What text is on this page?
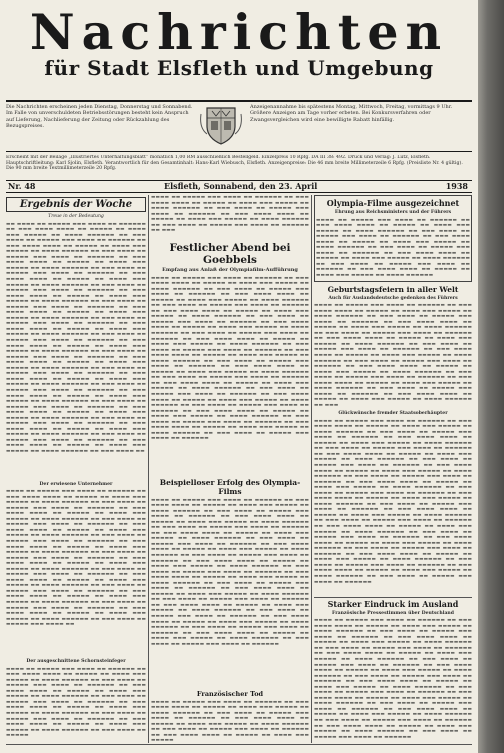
Nachrichten
für Stadt Elsfleth und Umgebung
Die Nachrichten erscheinen jeden Dienstag, Donnerstag und Sonnabend. Im Falle von unverschuldeten Betriebsstörungen besteht kein Anspruch auf Lieferung, Nachlieferung der Zeitung oder Rückzahlung des Bezugspreises.
Anzeigenannahme bis spätestens Montag, Mittwoch, Freitag, vormittags 9 Uhr. Größere Anzeigen am Tage vorher erbeten. Bei Konkursverfahren oder Zwangsvergleichen wird eine bewilligte Rabatt hinfällig.
Erscheint mit der Beilage „Illustriertes Unterhaltungsblatt“ monatlich 1,00 RM ausschließlich Bestellgeld. Einzelpreis 10 Rpfg. DA III 38: 492. Druck und Verlag: J. Lütz, Elsfleth. Hauptschriftleitung: Karl Sjolin, Elsfleth. Verantwortlich für den Gesamtinhalt: Hans-Karl Wiebusch, Elsfleth. Anzeigenpreise: Die 46 mm breite Millimeterzeile 6 Rpfg. (Preisliste Nr. 4 gültig). Die 90 mm breite Textmillimeterzeile 20 Rpfg.
Nr. 48	Elsfleth, Sonnabend, den 23. April	1938
Ergebnis der Woche
Treue in der Bedeutung
▬▬ ▬▬▬▬ ▬▬ ▬▬▬▬▬ ▬▬▬ ▬▬▬▬ ▬▬ ▬▬▬▬▬▬ ▬▬ ▬▬▬ ▬▬▬▬ ▬▬▬▬ ▬▬ ▬▬▬▬▬ ▬▬ ▬▬▬▬ ▬▬▬ ▬▬▬▬▬ ▬▬ ▬▬▬▬ ▬▬▬▬▬▬ ▬▬ ▬▬▬ ▬▬▬▬ ▬▬ ▬▬▬▬▬ ▬▬▬ ▬▬▬▬ ▬▬ ▬▬▬▬▬▬ ▬▬ ▬▬▬ ▬▬▬▬ ▬▬▬▬ ▬▬ ▬▬▬▬▬ ▬▬ ▬▬▬▬ ▬▬▬ ▬▬▬▬▬ ▬▬ ▬▬▬▬ ▬▬▬▬▬▬ ▬▬ ▬▬▬ ▬▬▬▬ ▬▬ ▬▬▬▬▬ ▬▬▬ ▬▬▬▬ ▬▬ ▬▬▬▬▬▬ ▬▬ ▬▬▬ ▬▬▬▬ ▬▬▬▬ ▬▬ ▬▬▬▬▬ ▬▬ ▬▬▬▬ ▬▬▬ ▬▬▬▬▬ ▬▬ ▬▬▬▬ ▬▬▬▬▬▬ ▬▬ ▬▬▬ ▬▬▬▬ ▬▬ ▬▬▬▬▬ ▬▬▬ ▬▬▬▬ ▬▬ ▬▬▬▬▬▬ ▬▬ ▬▬▬ ▬▬▬▬ ▬▬▬▬ ▬▬ ▬▬▬▬▬ ▬▬ ▬▬▬▬ ▬▬▬ ▬▬▬▬▬ ▬▬ ▬▬▬▬ ▬▬▬▬▬▬ ▬▬ ▬▬▬ ▬▬▬▬ ▬▬ ▬▬▬▬▬ ▬▬▬ ▬▬▬▬ ▬▬ ▬▬▬▬▬▬ ▬▬ ▬▬▬ ▬▬▬▬ ▬▬▬▬ ▬▬ ▬▬▬▬▬ ▬▬ ▬▬▬▬ ▬▬▬ ▬▬▬▬▬ ▬▬ ▬▬▬▬ ▬▬▬▬▬▬ ▬▬ ▬▬▬ ▬▬▬▬ ▬▬ ▬▬▬▬▬ ▬▬▬ ▬▬▬▬ ▬▬ ▬▬▬▬▬▬ ▬▬ ▬▬▬ ▬▬▬▬ ▬▬▬▬ ▬▬ ▬▬▬▬▬ ▬▬ ▬▬▬▬ ▬▬▬ ▬▬▬▬▬ ▬▬ ▬▬▬▬ ▬▬▬▬▬▬ ▬▬ ▬▬▬ ▬▬▬▬ ▬▬ ▬▬▬▬▬ ▬▬▬ ▬▬▬▬ ▬▬ ▬▬▬▬▬▬ ▬▬ ▬▬▬ ▬▬▬▬ ▬▬▬▬ ▬▬ ▬▬▬▬▬ ▬▬ ▬▬▬▬ ▬▬▬ ▬▬▬▬▬ ▬▬ ▬▬▬▬ ▬▬▬▬▬▬ ▬▬ ▬▬▬ ▬▬▬▬ ▬▬ ▬▬▬▬▬ ▬▬▬ ▬▬▬▬ ▬▬ ▬▬▬▬▬▬ ▬▬ ▬▬▬ ▬▬▬▬ ▬▬▬▬ ▬▬ ▬▬▬▬▬ ▬▬ ▬▬▬▬ ▬▬▬ ▬▬▬▬▬ ▬▬ ▬▬▬▬ ▬▬▬▬▬▬ ▬▬ ▬▬▬ ▬▬▬▬ ▬▬ ▬▬▬▬▬ ▬▬▬ ▬▬▬▬ ▬▬ ▬▬▬▬▬▬ ▬▬ ▬▬▬ ▬▬▬▬ ▬▬▬▬ ▬▬ ▬▬▬▬▬ ▬▬ ▬▬▬▬ ▬▬▬ ▬▬▬▬▬ ▬▬ ▬▬▬▬ ▬▬▬▬▬▬ ▬▬ ▬▬▬ ▬▬▬▬ ▬▬ ▬▬▬▬▬ ▬▬▬ ▬▬▬▬ ▬▬ ▬▬▬▬▬▬ ▬▬ ▬▬▬ ▬▬▬▬ ▬▬▬▬ ▬▬ ▬▬▬▬▬ ▬▬ ▬▬▬▬ ▬▬▬ ▬▬▬▬▬ ▬▬ ▬▬▬▬ ▬▬▬▬▬▬ ▬▬ ▬▬▬ ▬▬▬▬ ▬▬ ▬▬▬▬▬ ▬▬▬ ▬▬▬▬ ▬▬ ▬▬▬▬▬▬ ▬▬ ▬▬▬ ▬▬▬▬ ▬▬▬▬ ▬▬ ▬▬▬▬▬ ▬▬ ▬▬▬▬ ▬▬▬ ▬▬▬▬▬ ▬▬ ▬▬▬▬ ▬▬▬▬▬▬ ▬▬ ▬▬▬ ▬▬▬▬ ▬▬ ▬▬▬▬▬ ▬▬▬ ▬▬▬▬ ▬▬ ▬▬▬▬▬▬ ▬▬ ▬▬▬ ▬▬▬▬ ▬▬▬▬ ▬▬ ▬▬▬▬▬ ▬▬ ▬▬▬▬ ▬▬▬ ▬▬▬▬▬ ▬▬ ▬▬▬▬ ▬▬▬▬▬▬ ▬▬ ▬▬▬ ▬▬▬▬ ▬▬ ▬▬▬▬▬ ▬▬▬ ▬▬▬▬ ▬▬ ▬▬▬▬▬▬ ▬▬ ▬▬▬ ▬▬▬▬ ▬▬▬▬ ▬▬ ▬▬▬▬▬ ▬▬ ▬▬▬▬ ▬▬▬ ▬▬▬▬▬ ▬▬ ▬▬▬▬ ▬▬▬▬▬▬ ▬▬ ▬▬▬ ▬▬▬▬ ▬▬ ▬▬▬▬▬ ▬▬▬ ▬▬▬▬ ▬▬ ▬▬▬▬▬▬ ▬▬ ▬▬▬ ▬▬▬▬ ▬▬▬▬ ▬▬ ▬▬▬▬▬ ▬▬ ▬▬▬▬ ▬▬▬ ▬▬▬▬▬ ▬▬ ▬▬▬▬ ▬▬▬▬▬▬ ▬▬ ▬▬▬ ▬▬▬▬ ▬▬
Der erwiesene Unternehmer
▬▬▬▬ ▬▬ ▬▬▬▬▬ ▬▬▬ ▬▬▬▬ ▬▬ ▬▬▬▬▬▬ ▬▬ ▬▬▬ ▬▬▬▬ ▬▬▬▬ ▬▬ ▬▬▬▬▬ ▬▬ ▬▬▬▬ ▬▬▬ ▬▬▬▬▬ ▬▬ ▬▬▬▬ ▬▬▬▬▬▬ ▬▬ ▬▬▬ ▬▬▬▬ ▬▬ ▬▬▬▬▬ ▬▬▬ ▬▬▬▬ ▬▬ ▬▬▬▬▬▬ ▬▬ ▬▬▬ ▬▬▬▬ ▬▬▬▬ ▬▬ ▬▬▬▬▬ ▬▬ ▬▬▬▬ ▬▬▬ ▬▬▬▬▬ ▬▬ ▬▬▬▬ ▬▬▬▬▬▬ ▬▬ ▬▬▬ ▬▬▬▬ ▬▬ ▬▬▬▬▬ ▬▬▬ ▬▬▬▬ ▬▬ ▬▬▬▬▬▬ ▬▬ ▬▬▬ ▬▬▬▬ ▬▬▬▬ ▬▬ ▬▬▬▬▬ ▬▬ ▬▬▬▬ ▬▬▬ ▬▬▬▬▬ ▬▬ ▬▬▬▬ ▬▬▬▬▬▬ ▬▬ ▬▬▬ ▬▬▬▬ ▬▬ ▬▬▬▬▬ ▬▬▬ ▬▬▬▬ ▬▬ ▬▬▬▬▬▬ ▬▬ ▬▬▬ ▬▬▬▬ ▬▬▬▬ ▬▬ ▬▬▬▬▬ ▬▬ ▬▬▬▬ ▬▬▬ ▬▬▬▬▬ ▬▬ ▬▬▬▬ ▬▬▬▬▬▬ ▬▬ ▬▬▬ ▬▬▬▬ ▬▬ ▬▬▬▬▬ ▬▬▬ ▬▬▬▬ ▬▬ ▬▬▬▬▬▬ ▬▬ ▬▬▬ ▬▬▬▬ ▬▬▬▬ ▬▬ ▬▬▬▬▬ ▬▬ ▬▬▬▬ ▬▬▬ ▬▬▬▬▬ ▬▬ ▬▬▬▬ ▬▬▬▬▬▬ ▬▬ ▬▬▬ ▬▬▬▬ ▬▬ ▬▬▬▬▬ ▬▬▬ ▬▬▬▬ ▬▬ ▬▬▬▬▬▬ ▬▬ ▬▬▬ ▬▬▬▬ ▬▬▬▬ ▬▬ ▬▬▬▬▬ ▬▬ ▬▬▬▬ ▬▬▬ ▬▬▬▬▬ ▬▬ ▬▬▬▬ ▬▬▬▬▬▬ ▬▬ ▬▬▬ ▬▬▬▬ ▬▬ ▬▬▬▬▬ ▬▬▬ ▬▬▬▬ ▬▬ ▬▬▬▬▬▬ ▬▬ ▬▬▬ ▬▬▬▬ ▬▬▬▬ ▬▬ ▬▬▬▬▬ ▬▬ ▬▬▬▬ ▬▬▬ ▬▬▬▬▬ ▬▬ ▬▬▬▬ ▬▬▬▬▬▬ ▬▬ ▬▬▬ ▬▬▬▬ ▬▬ ▬▬▬▬▬ ▬▬▬ ▬▬▬▬ ▬▬ ▬▬▬▬▬▬ ▬▬ ▬▬▬ ▬▬▬▬ ▬▬▬▬ ▬▬ ▬▬▬▬▬ ▬▬ ▬▬▬▬ ▬▬▬ ▬▬▬▬▬ ▬▬ ▬▬▬▬ ▬▬▬▬▬▬ ▬▬ ▬▬▬ ▬▬▬▬ ▬▬ ▬▬▬▬▬ ▬▬▬ ▬▬▬▬ ▬▬
Der ausgeschnittene Schornsteinfeger
▬▬▬▬ ▬▬ ▬▬▬▬▬ ▬▬▬ ▬▬▬▬ ▬▬ ▬▬▬▬▬▬ ▬▬ ▬▬▬ ▬▬▬▬ ▬▬▬▬ ▬▬ ▬▬▬▬▬ ▬▬ ▬▬▬▬ ▬▬▬ ▬▬▬▬▬ ▬▬ ▬▬▬▬ ▬▬▬▬▬▬ ▬▬ ▬▬▬ ▬▬▬▬ ▬▬ ▬▬▬▬▬ ▬▬▬ ▬▬▬▬ ▬▬ ▬▬▬▬▬▬ ▬▬ ▬▬▬ ▬▬▬▬ ▬▬▬▬ ▬▬ ▬▬▬▬▬ ▬▬ ▬▬▬▬ ▬▬▬ ▬▬▬▬▬ ▬▬ ▬▬▬▬ ▬▬▬▬▬▬ ▬▬ ▬▬▬ ▬▬▬▬ ▬▬ ▬▬▬▬▬ ▬▬▬ ▬▬▬▬ ▬▬ ▬▬▬▬▬▬ ▬▬ ▬▬▬ ▬▬▬▬ ▬▬▬▬ ▬▬ ▬▬▬▬▬ ▬▬ ▬▬▬▬ ▬▬▬ ▬▬▬▬▬ ▬▬ ▬▬▬▬ ▬▬▬▬▬▬ ▬▬ ▬▬▬ ▬▬▬▬ ▬▬ ▬▬▬▬▬ ▬▬▬ ▬▬▬▬ ▬▬ ▬▬▬▬▬▬ ▬▬ ▬▬▬ ▬▬▬▬ ▬▬▬▬ ▬▬ ▬▬▬▬▬ ▬▬ ▬▬▬▬ ▬▬▬ ▬▬▬▬▬ ▬▬ ▬▬▬▬ ▬▬▬▬▬▬ ▬▬ ▬▬▬ ▬▬▬▬ ▬▬ ▬▬▬▬▬
▬▬▬▬ ▬▬ ▬▬▬▬▬ ▬▬▬ ▬▬▬▬ ▬▬ ▬▬▬▬▬▬ ▬▬ ▬▬▬ ▬▬▬▬ ▬▬▬▬ ▬▬ ▬▬▬▬▬ ▬▬ ▬▬▬▬ ▬▬▬ ▬▬▬▬▬ ▬▬ ▬▬▬▬ ▬▬▬▬▬▬ ▬▬ ▬▬▬ ▬▬▬▬ ▬▬ ▬▬▬▬▬ ▬▬▬ ▬▬▬▬ ▬▬ ▬▬▬▬▬▬ ▬▬ ▬▬▬ ▬▬▬▬ ▬▬▬▬ ▬▬ ▬▬▬▬▬ ▬▬ ▬▬▬▬ ▬▬▬ ▬▬▬▬▬ ▬▬ ▬▬▬▬ ▬▬▬▬▬▬ ▬▬ ▬▬▬ ▬▬▬▬ ▬▬ ▬▬▬▬▬ ▬▬▬ ▬▬▬▬ ▬▬ ▬▬▬▬▬▬ ▬▬ ▬▬▬
Festlicher Abend bei Goebbels
Empfang aus Anlaß der Olympiafilm-Aufführung
▬▬▬▬ ▬▬ ▬▬▬▬▬ ▬▬▬ ▬▬▬▬ ▬▬ ▬▬▬▬▬▬ ▬▬ ▬▬▬ ▬▬▬▬ ▬▬▬▬ ▬▬ ▬▬▬▬▬ ▬▬ ▬▬▬▬ ▬▬▬ ▬▬▬▬▬ ▬▬ ▬▬▬▬ ▬▬▬▬▬▬ ▬▬ ▬▬▬ ▬▬▬▬ ▬▬ ▬▬▬▬▬ ▬▬▬ ▬▬▬▬ ▬▬ ▬▬▬▬▬▬ ▬▬ ▬▬▬ ▬▬▬▬ ▬▬▬▬ ▬▬ ▬▬▬▬▬ ▬▬ ▬▬▬▬ ▬▬▬ ▬▬▬▬▬ ▬▬ ▬▬▬▬ ▬▬▬▬▬▬ ▬▬ ▬▬▬ ▬▬▬▬ ▬▬ ▬▬▬▬▬ ▬▬▬ ▬▬▬▬ ▬▬ ▬▬▬▬▬▬ ▬▬ ▬▬▬ ▬▬▬▬ ▬▬▬▬ ▬▬ ▬▬▬▬▬ ▬▬ ▬▬▬▬ ▬▬▬ ▬▬▬▬▬ ▬▬ ▬▬▬▬ ▬▬▬▬▬▬ ▬▬ ▬▬▬ ▬▬▬▬ ▬▬ ▬▬▬▬▬ ▬▬▬ ▬▬▬▬ ▬▬ ▬▬▬▬▬▬ ▬▬ ▬▬▬ ▬▬▬▬ ▬▬▬▬ ▬▬ ▬▬▬▬▬ ▬▬ ▬▬▬▬ ▬▬▬ ▬▬▬▬▬ ▬▬ ▬▬▬▬ ▬▬▬▬▬▬ ▬▬ ▬▬▬ ▬▬▬▬ ▬▬ ▬▬▬▬▬ ▬▬▬ ▬▬▬▬ ▬▬ ▬▬▬▬▬▬ ▬▬ ▬▬▬ ▬▬▬▬ ▬▬▬▬ ▬▬ ▬▬▬▬▬ ▬▬ ▬▬▬▬ ▬▬▬ ▬▬▬▬▬ ▬▬ ▬▬▬▬ ▬▬▬▬▬▬ ▬▬ ▬▬▬ ▬▬▬▬ ▬▬ ▬▬▬▬▬ ▬▬▬ ▬▬▬▬ ▬▬ ▬▬▬▬▬▬ ▬▬ ▬▬▬ ▬▬▬▬ ▬▬▬▬ ▬▬ ▬▬▬▬▬ ▬▬ ▬▬▬▬ ▬▬▬ ▬▬▬▬▬ ▬▬ ▬▬▬▬ ▬▬▬▬▬▬ ▬▬ ▬▬▬ ▬▬▬▬ ▬▬ ▬▬▬▬▬ ▬▬▬ ▬▬▬▬ ▬▬ ▬▬▬▬▬▬ ▬▬ ▬▬▬ ▬▬▬▬ ▬▬▬▬ ▬▬ ▬▬▬▬▬ ▬▬ ▬▬▬▬ ▬▬▬ ▬▬▬▬▬ ▬▬ ▬▬▬▬ ▬▬▬▬▬▬ ▬▬ ▬▬▬ ▬▬▬▬ ▬▬ ▬▬▬▬▬ ▬▬▬ ▬▬▬▬ ▬▬ ▬▬▬▬▬▬ ▬▬ ▬▬▬ ▬▬▬▬ ▬▬▬▬ ▬▬ ▬▬▬▬▬ ▬▬ ▬▬▬▬ ▬▬▬ ▬▬▬▬▬ ▬▬ ▬▬▬▬ ▬▬▬▬▬▬ ▬▬ ▬▬▬ ▬▬▬▬ ▬▬ ▬▬▬▬▬ ▬▬▬ ▬▬▬▬ ▬▬ ▬▬▬▬▬▬ ▬▬ ▬▬▬ ▬▬▬▬ ▬▬▬▬ ▬▬ ▬▬▬▬▬ ▬▬ ▬▬▬▬ ▬▬▬ ▬▬▬▬▬ ▬▬ ▬▬▬▬ ▬▬▬▬▬▬ ▬▬ ▬▬▬ ▬▬▬▬ ▬▬ ▬▬▬▬▬ ▬▬▬ ▬▬▬▬ ▬▬ ▬▬▬▬▬▬ ▬▬ ▬▬▬ ▬▬▬▬ ▬▬▬▬ ▬▬ ▬▬▬▬▬ ▬▬ ▬▬▬▬ ▬▬▬ ▬▬▬▬▬ ▬▬ ▬▬▬▬ ▬▬▬▬▬▬ ▬▬ ▬▬▬ ▬▬▬▬ ▬▬ ▬▬▬▬▬ ▬▬▬ ▬▬▬▬ ▬▬ ▬▬▬▬▬▬ ▬▬ ▬▬▬ ▬▬▬▬ ▬▬▬▬ ▬▬ ▬▬▬▬▬ ▬▬ ▬▬▬▬ ▬▬▬ ▬▬▬▬▬ ▬▬ ▬▬▬▬ ▬▬▬▬▬▬ ▬▬ ▬▬▬ ▬▬▬▬ ▬▬ ▬▬▬▬▬ ▬▬▬ ▬▬▬▬ ▬▬ ▬▬▬▬▬▬
Beispielloser Erfolg des Olympia-Films
▬▬▬▬ ▬▬ ▬▬▬▬▬ ▬▬▬ ▬▬▬▬ ▬▬ ▬▬▬▬▬▬ ▬▬ ▬▬▬ ▬▬▬▬ ▬▬▬▬ ▬▬ ▬▬▬▬▬ ▬▬ ▬▬▬▬ ▬▬▬ ▬▬▬▬▬ ▬▬ ▬▬▬▬ ▬▬▬▬▬▬ ▬▬ ▬▬▬ ▬▬▬▬ ▬▬ ▬▬▬▬▬ ▬▬▬ ▬▬▬▬ ▬▬ ▬▬▬▬▬▬ ▬▬ ▬▬▬ ▬▬▬▬ ▬▬▬▬ ▬▬ ▬▬▬▬▬ ▬▬ ▬▬▬▬ ▬▬▬ ▬▬▬▬▬ ▬▬ ▬▬▬▬ ▬▬▬▬▬▬ ▬▬ ▬▬▬ ▬▬▬▬ ▬▬ ▬▬▬▬▬ ▬▬▬ ▬▬▬▬ ▬▬ ▬▬▬▬▬▬ ▬▬ ▬▬▬ ▬▬▬▬ ▬▬▬▬ ▬▬ ▬▬▬▬▬ ▬▬ ▬▬▬▬ ▬▬▬ ▬▬▬▬▬ ▬▬ ▬▬▬▬ ▬▬▬▬▬▬ ▬▬ ▬▬▬ ▬▬▬▬ ▬▬ ▬▬▬▬▬ ▬▬▬ ▬▬▬▬ ▬▬ ▬▬▬▬▬▬ ▬▬ ▬▬▬ ▬▬▬▬ ▬▬▬▬ ▬▬ ▬▬▬▬▬ ▬▬ ▬▬▬▬ ▬▬▬ ▬▬▬▬▬ ▬▬ ▬▬▬▬ ▬▬▬▬▬▬ ▬▬ ▬▬▬ ▬▬▬▬ ▬▬ ▬▬▬▬▬ ▬▬▬ ▬▬▬▬ ▬▬ ▬▬▬▬▬▬ ▬▬ ▬▬▬ ▬▬▬▬ ▬▬▬▬ ▬▬ ▬▬▬▬▬ ▬▬ ▬▬▬▬ ▬▬▬ ▬▬▬▬▬ ▬▬ ▬▬▬▬ ▬▬▬▬▬▬ ▬▬ ▬▬▬ ▬▬▬▬ ▬▬ ▬▬▬▬▬ ▬▬▬ ▬▬▬▬ ▬▬ ▬▬▬▬▬▬ ▬▬ ▬▬▬ ▬▬▬▬ ▬▬▬▬ ▬▬ ▬▬▬▬▬ ▬▬ ▬▬▬▬ ▬▬▬ ▬▬▬▬▬ ▬▬ ▬▬▬▬ ▬▬▬▬▬▬ ▬▬ ▬▬▬ ▬▬▬▬ ▬▬ ▬▬▬▬▬ ▬▬▬ ▬▬▬▬ ▬▬ ▬▬▬▬▬▬ ▬▬ ▬▬▬ ▬▬▬▬ ▬▬▬▬ ▬▬ ▬▬▬▬▬ ▬▬ ▬▬▬▬ ▬▬▬ ▬▬▬▬▬ ▬▬ ▬▬▬▬ ▬▬▬▬▬▬ ▬▬ ▬▬▬ ▬▬▬▬ ▬▬ ▬▬▬▬▬ ▬▬▬ ▬▬▬▬ ▬▬ ▬▬▬▬▬▬ ▬▬ ▬▬▬ ▬▬▬▬ ▬▬▬▬ ▬▬ ▬▬▬▬▬ ▬▬ ▬▬▬▬ ▬▬▬ ▬▬▬▬▬ ▬▬ ▬▬▬▬ ▬▬▬▬▬▬ ▬▬ ▬▬▬ ▬▬▬▬ ▬▬ ▬▬▬▬▬ ▬▬▬ ▬▬▬▬ ▬▬ ▬▬▬▬▬▬ ▬▬ ▬▬▬ ▬▬▬▬ ▬▬▬▬ ▬▬ ▬▬▬▬▬ ▬▬ ▬▬▬▬ ▬▬▬ ▬▬▬▬▬ ▬▬ ▬▬▬▬ ▬▬▬▬▬▬ ▬▬ ▬▬▬ ▬▬▬▬ ▬▬ ▬▬▬▬▬ ▬▬▬ ▬▬▬▬ ▬▬ ▬▬▬▬▬▬ ▬▬ ▬▬▬ ▬▬▬▬ ▬▬▬▬ ▬▬ ▬▬▬▬▬ ▬▬ ▬▬▬▬ ▬▬▬ ▬▬▬▬▬ ▬▬ ▬▬▬▬ ▬▬▬▬▬▬ ▬▬ ▬▬▬ ▬▬▬▬ ▬▬ ▬▬▬▬▬ ▬▬▬ ▬▬▬▬ ▬▬ ▬▬▬▬▬▬
Französischer Tod
▬▬▬▬ ▬▬ ▬▬▬▬▬ ▬▬▬ ▬▬▬▬ ▬▬ ▬▬▬▬▬▬ ▬▬ ▬▬▬ ▬▬▬▬ ▬▬▬▬ ▬▬ ▬▬▬▬▬ ▬▬ ▬▬▬▬ ▬▬▬ ▬▬▬▬▬ ▬▬ ▬▬▬▬ ▬▬▬▬▬▬ ▬▬ ▬▬▬ ▬▬▬▬ ▬▬ ▬▬▬▬▬ ▬▬▬ ▬▬▬▬ ▬▬ ▬▬▬▬▬▬ ▬▬ ▬▬▬ ▬▬▬▬ ▬▬▬▬ ▬▬ ▬▬▬▬▬ ▬▬ ▬▬▬▬ ▬▬▬ ▬▬▬▬▬ ▬▬ ▬▬▬▬ ▬▬▬▬▬▬ ▬▬ ▬▬▬ ▬▬▬▬ ▬▬ ▬▬▬▬▬ ▬▬▬ ▬▬▬▬ ▬▬ ▬▬▬▬▬▬ ▬▬ ▬▬▬ ▬▬▬▬ ▬▬▬▬ ▬▬ ▬▬▬▬▬ ▬▬ ▬▬▬▬ ▬▬▬ ▬▬▬▬▬
Olympia-Filme ausgezeichnet
Ehrung aus Reichsministers und der Führers
▬▬▬▬ ▬▬ ▬▬▬▬▬ ▬▬▬ ▬▬▬▬ ▬▬ ▬▬▬▬▬▬ ▬▬ ▬▬▬ ▬▬▬▬ ▬▬▬▬ ▬▬ ▬▬▬▬▬ ▬▬ ▬▬▬▬ ▬▬▬ ▬▬▬▬▬ ▬▬ ▬▬▬▬ ▬▬▬▬▬▬ ▬▬ ▬▬▬ ▬▬▬▬ ▬▬ ▬▬▬▬▬ ▬▬▬ ▬▬▬▬ ▬▬ ▬▬▬▬▬▬ ▬▬ ▬▬▬ ▬▬▬▬ ▬▬▬▬ ▬▬ ▬▬▬▬▬ ▬▬ ▬▬▬▬ ▬▬▬ ▬▬▬▬▬ ▬▬ ▬▬▬▬ ▬▬▬▬▬▬ ▬▬ ▬▬▬ ▬▬▬▬ ▬▬ ▬▬▬▬▬ ▬▬▬ ▬▬▬▬ ▬▬ ▬▬▬▬▬▬ ▬▬ ▬▬▬ ▬▬▬▬ ▬▬▬▬ ▬▬ ▬▬▬▬▬ ▬▬ ▬▬▬▬ ▬▬▬ ▬▬▬▬▬ ▬▬ ▬▬▬▬ ▬▬▬▬▬▬ ▬▬ ▬▬▬ ▬▬▬▬ ▬▬ ▬▬▬▬▬ ▬▬▬ ▬▬▬▬ ▬▬ ▬▬▬▬▬▬ ▬▬ ▬▬▬ ▬▬▬▬ ▬▬▬▬ ▬▬ ▬▬▬▬▬ ▬▬ ▬▬▬▬ ▬▬▬ ▬▬▬▬▬ ▬▬ ▬▬▬▬ ▬▬▬▬▬▬
Geburtstagsfeiern in aller Welt
Auch für Auslandsdeutsche gedenken des Führers
▬▬▬▬ ▬▬ ▬▬▬▬▬ ▬▬▬ ▬▬▬▬ ▬▬ ▬▬▬▬▬▬ ▬▬ ▬▬▬ ▬▬▬▬ ▬▬▬▬ ▬▬ ▬▬▬▬▬ ▬▬ ▬▬▬▬ ▬▬▬ ▬▬▬▬▬ ▬▬ ▬▬▬▬ ▬▬▬▬▬▬ ▬▬ ▬▬▬ ▬▬▬▬ ▬▬ ▬▬▬▬▬ ▬▬▬ ▬▬▬▬ ▬▬ ▬▬▬▬▬▬ ▬▬ ▬▬▬ ▬▬▬▬ ▬▬▬▬ ▬▬ ▬▬▬▬▬ ▬▬ ▬▬▬▬ ▬▬▬ ▬▬▬▬▬ ▬▬ ▬▬▬▬ ▬▬▬▬▬▬ ▬▬ ▬▬▬ ▬▬▬▬ ▬▬ ▬▬▬▬▬ ▬▬▬ ▬▬▬▬ ▬▬ ▬▬▬▬▬▬ ▬▬ ▬▬▬ ▬▬▬▬ ▬▬▬▬ ▬▬ ▬▬▬▬▬ ▬▬ ▬▬▬▬ ▬▬▬ ▬▬▬▬▬ ▬▬ ▬▬▬▬ ▬▬▬▬▬▬ ▬▬ ▬▬▬ ▬▬▬▬ ▬▬ ▬▬▬▬▬ ▬▬▬ ▬▬▬▬ ▬▬ ▬▬▬▬▬▬ ▬▬ ▬▬▬ ▬▬▬▬ ▬▬▬▬ ▬▬ ▬▬▬▬▬ ▬▬ ▬▬▬▬ ▬▬▬ ▬▬▬▬▬ ▬▬ ▬▬▬▬ ▬▬▬▬▬▬ ▬▬ ▬▬▬ ▬▬▬▬ ▬▬ ▬▬▬▬▬ ▬▬▬ ▬▬▬▬ ▬▬ ▬▬▬▬▬▬ ▬▬ ▬▬▬ ▬▬▬▬ ▬▬▬▬ ▬▬ ▬▬▬▬▬ ▬▬ ▬▬▬▬ ▬▬▬ ▬▬▬▬▬ ▬▬ ▬▬▬▬ ▬▬▬▬▬▬ ▬▬ ▬▬▬ ▬▬▬▬ ▬▬ ▬▬▬▬▬ ▬▬▬ ▬▬▬▬ ▬▬ ▬▬▬▬▬▬ ▬▬ ▬▬▬ ▬▬▬▬ ▬▬▬▬ ▬▬ ▬▬▬▬▬ ▬▬ ▬▬▬▬ ▬▬▬ ▬▬▬▬▬ ▬▬ ▬▬▬▬ ▬▬▬▬▬▬ ▬▬ ▬▬▬ ▬▬▬▬ ▬▬ ▬▬▬▬▬ ▬▬▬ ▬▬▬▬ ▬▬ ▬▬▬▬▬▬ ▬▬ ▬▬▬ ▬▬▬▬ ▬▬▬▬ ▬▬ ▬▬▬▬▬ ▬▬ ▬▬▬▬ ▬▬▬ ▬▬▬▬▬ ▬▬ ▬▬▬▬ ▬▬▬▬▬▬ ▬▬ ▬▬▬
Glückwünsche fremder Staatsoberhäupter
▬▬▬▬ ▬▬ ▬▬▬▬▬ ▬▬▬ ▬▬▬▬ ▬▬ ▬▬▬▬▬▬ ▬▬ ▬▬▬ ▬▬▬▬ ▬▬▬▬ ▬▬ ▬▬▬▬▬ ▬▬ ▬▬▬▬ ▬▬▬ ▬▬▬▬▬ ▬▬ ▬▬▬▬ ▬▬▬▬▬▬ ▬▬ ▬▬▬ ▬▬▬▬ ▬▬ ▬▬▬▬▬ ▬▬▬ ▬▬▬▬ ▬▬ ▬▬▬▬▬▬ ▬▬ ▬▬▬ ▬▬▬▬ ▬▬▬▬ ▬▬ ▬▬▬▬▬ ▬▬ ▬▬▬▬ ▬▬▬ ▬▬▬▬▬ ▬▬ ▬▬▬▬ ▬▬▬▬▬▬ ▬▬ ▬▬▬ ▬▬▬▬ ▬▬ ▬▬▬▬▬ ▬▬▬ ▬▬▬▬ ▬▬ ▬▬▬▬▬▬ ▬▬ ▬▬▬ ▬▬▬▬ ▬▬▬▬ ▬▬ ▬▬▬▬▬ ▬▬ ▬▬▬▬ ▬▬▬ ▬▬▬▬▬ ▬▬ ▬▬▬▬ ▬▬▬▬▬▬ ▬▬ ▬▬▬ ▬▬▬▬ ▬▬ ▬▬▬▬▬ ▬▬▬ ▬▬▬▬ ▬▬ ▬▬▬▬▬▬ ▬▬ ▬▬▬ ▬▬▬▬ ▬▬▬▬ ▬▬ ▬▬▬▬▬ ▬▬ ▬▬▬▬ ▬▬▬ ▬▬▬▬▬ ▬▬ ▬▬▬▬ ▬▬▬▬▬▬ ▬▬ ▬▬▬ ▬▬▬▬ ▬▬ ▬▬▬▬▬ ▬▬▬ ▬▬▬▬ ▬▬ ▬▬▬▬▬▬ ▬▬ ▬▬▬ ▬▬▬▬ ▬▬▬▬ ▬▬ ▬▬▬▬▬ ▬▬ ▬▬▬▬ ▬▬▬ ▬▬▬▬▬ ▬▬ ▬▬▬▬ ▬▬▬▬▬▬ ▬▬ ▬▬▬ ▬▬▬▬ ▬▬ ▬▬▬▬▬ ▬▬▬ ▬▬▬▬ ▬▬ ▬▬▬▬▬▬ ▬▬ ▬▬▬ ▬▬▬▬ ▬▬▬▬ ▬▬ ▬▬▬▬▬ ▬▬ ▬▬▬▬ ▬▬▬ ▬▬▬▬▬ ▬▬ ▬▬▬▬ ▬▬▬▬▬▬ ▬▬ ▬▬▬ ▬▬▬▬ ▬▬ ▬▬▬▬▬ ▬▬▬ ▬▬▬▬ ▬▬ ▬▬▬▬▬▬ ▬▬ ▬▬▬ ▬▬▬▬ ▬▬▬▬ ▬▬ ▬▬▬▬▬ ▬▬ ▬▬▬▬ ▬▬▬ ▬▬▬▬▬ ▬▬ ▬▬▬▬ ▬▬▬▬▬▬ ▬▬ ▬▬▬ ▬▬▬▬ ▬▬ ▬▬▬▬▬ ▬▬▬ ▬▬▬▬ ▬▬ ▬▬▬▬▬▬ ▬▬ ▬▬▬ ▬▬▬▬ ▬▬▬▬ ▬▬ ▬▬▬▬▬ ▬▬ ▬▬▬▬ ▬▬▬ ▬▬▬▬▬ ▬▬ ▬▬▬▬ ▬▬▬▬▬▬ ▬▬ ▬▬▬ ▬▬▬▬ ▬▬ ▬▬▬▬▬ ▬▬▬ ▬▬▬▬ ▬▬ ▬▬▬▬▬▬ ▬▬ ▬▬▬ ▬▬▬▬ ▬▬▬▬ ▬▬ ▬▬▬▬▬ ▬▬ ▬▬▬▬ ▬▬▬ ▬▬▬▬▬ ▬▬ ▬▬▬▬ ▬▬▬▬▬▬ ▬▬ ▬▬▬ ▬▬▬▬ ▬▬ ▬▬▬▬▬ ▬▬▬ ▬▬▬▬ ▬▬ ▬▬▬▬▬▬ ▬▬ ▬▬▬ ▬▬▬▬ ▬▬▬▬ ▬▬ ▬▬▬▬▬ ▬▬ ▬▬▬▬ ▬▬▬ ▬▬▬▬▬ ▬▬ ▬▬▬▬ ▬▬▬▬▬▬ ▬▬ ▬▬▬ ▬▬▬▬ ▬▬ ▬▬▬▬▬ ▬▬▬ ▬▬▬▬ ▬▬ ▬▬▬▬▬▬ ▬▬ ▬▬▬ ▬▬▬▬ ▬▬▬▬ ▬▬ ▬▬▬▬▬ ▬▬ ▬▬▬▬ ▬▬▬ ▬▬▬▬▬ ▬▬ ▬▬▬▬ ▬▬▬▬▬▬ ▬▬ ▬▬▬ ▬▬▬▬ ▬▬ ▬▬▬▬▬ ▬▬▬ ▬▬▬▬ ▬▬ ▬▬▬▬▬▬
Starker Eindruck im Ausland
Französische Pressestimmen über Deutschland
▬▬▬▬ ▬▬ ▬▬▬▬▬ ▬▬▬ ▬▬▬▬ ▬▬ ▬▬▬▬▬▬ ▬▬ ▬▬▬ ▬▬▬▬ ▬▬▬▬ ▬▬ ▬▬▬▬▬ ▬▬ ▬▬▬▬ ▬▬▬ ▬▬▬▬▬ ▬▬ ▬▬▬▬ ▬▬▬▬▬▬ ▬▬ ▬▬▬ ▬▬▬▬ ▬▬ ▬▬▬▬▬ ▬▬▬ ▬▬▬▬ ▬▬ ▬▬▬▬▬▬ ▬▬ ▬▬▬ ▬▬▬▬ ▬▬▬▬ ▬▬ ▬▬▬▬▬ ▬▬ ▬▬▬▬ ▬▬▬ ▬▬▬▬▬ ▬▬ ▬▬▬▬ ▬▬▬▬▬▬ ▬▬ ▬▬▬ ▬▬▬▬ ▬▬ ▬▬▬▬▬ ▬▬▬ ▬▬▬▬ ▬▬ ▬▬▬▬▬▬ ▬▬ ▬▬▬ ▬▬▬▬ ▬▬▬▬ ▬▬ ▬▬▬▬▬ ▬▬ ▬▬▬▬ ▬▬▬ ▬▬▬▬▬ ▬▬ ▬▬▬▬ ▬▬▬▬▬▬ ▬▬ ▬▬▬ ▬▬▬▬ ▬▬ ▬▬▬▬▬ ▬▬▬ ▬▬▬▬ ▬▬ ▬▬▬▬▬▬ ▬▬ ▬▬▬ ▬▬▬▬ ▬▬▬▬ ▬▬ ▬▬▬▬▬ ▬▬ ▬▬▬▬ ▬▬▬ ▬▬▬▬▬ ▬▬ ▬▬▬▬ ▬▬▬▬▬▬ ▬▬ ▬▬▬ ▬▬▬▬ ▬▬ ▬▬▬▬▬ ▬▬▬ ▬▬▬▬ ▬▬ ▬▬▬▬▬▬ ▬▬ ▬▬▬ ▬▬▬▬ ▬▬▬▬ ▬▬ ▬▬▬▬▬ ▬▬ ▬▬▬▬ ▬▬▬ ▬▬▬▬▬ ▬▬ ▬▬▬▬ ▬▬▬▬▬▬ ▬▬ ▬▬▬ ▬▬▬▬ ▬▬ ▬▬▬▬▬ ▬▬▬ ▬▬▬▬ ▬▬ ▬▬▬▬▬▬ ▬▬ ▬▬▬ ▬▬▬▬ ▬▬▬▬ ▬▬ ▬▬▬▬▬ ▬▬ ▬▬▬▬ ▬▬▬ ▬▬▬▬▬ ▬▬ ▬▬▬▬ ▬▬▬▬▬▬ ▬▬ ▬▬▬ ▬▬▬▬ ▬▬ ▬▬▬▬▬ ▬▬▬ ▬▬▬▬ ▬▬ ▬▬▬▬▬▬ ▬▬ ▬▬▬ ▬▬▬▬ ▬▬▬▬ ▬▬ ▬▬▬▬▬ ▬▬ ▬▬▬▬ ▬▬▬ ▬▬▬▬▬ ▬▬ ▬▬▬▬ ▬▬▬▬▬▬ ▬▬ ▬▬▬ ▬▬▬▬ ▬▬ ▬▬▬▬▬ ▬▬▬ ▬▬▬▬ ▬▬ ▬▬▬▬▬▬ ▬▬ ▬▬▬ ▬▬▬▬ ▬▬▬▬ ▬▬ ▬▬▬▬▬ ▬▬ ▬▬▬▬ ▬▬▬ ▬▬▬▬▬ ▬▬ ▬▬▬▬ ▬▬▬▬▬▬ ▬▬ ▬▬▬ ▬▬▬▬ ▬▬ ▬▬▬▬▬ ▬▬▬ ▬▬▬▬ ▬▬ ▬▬▬▬▬▬
